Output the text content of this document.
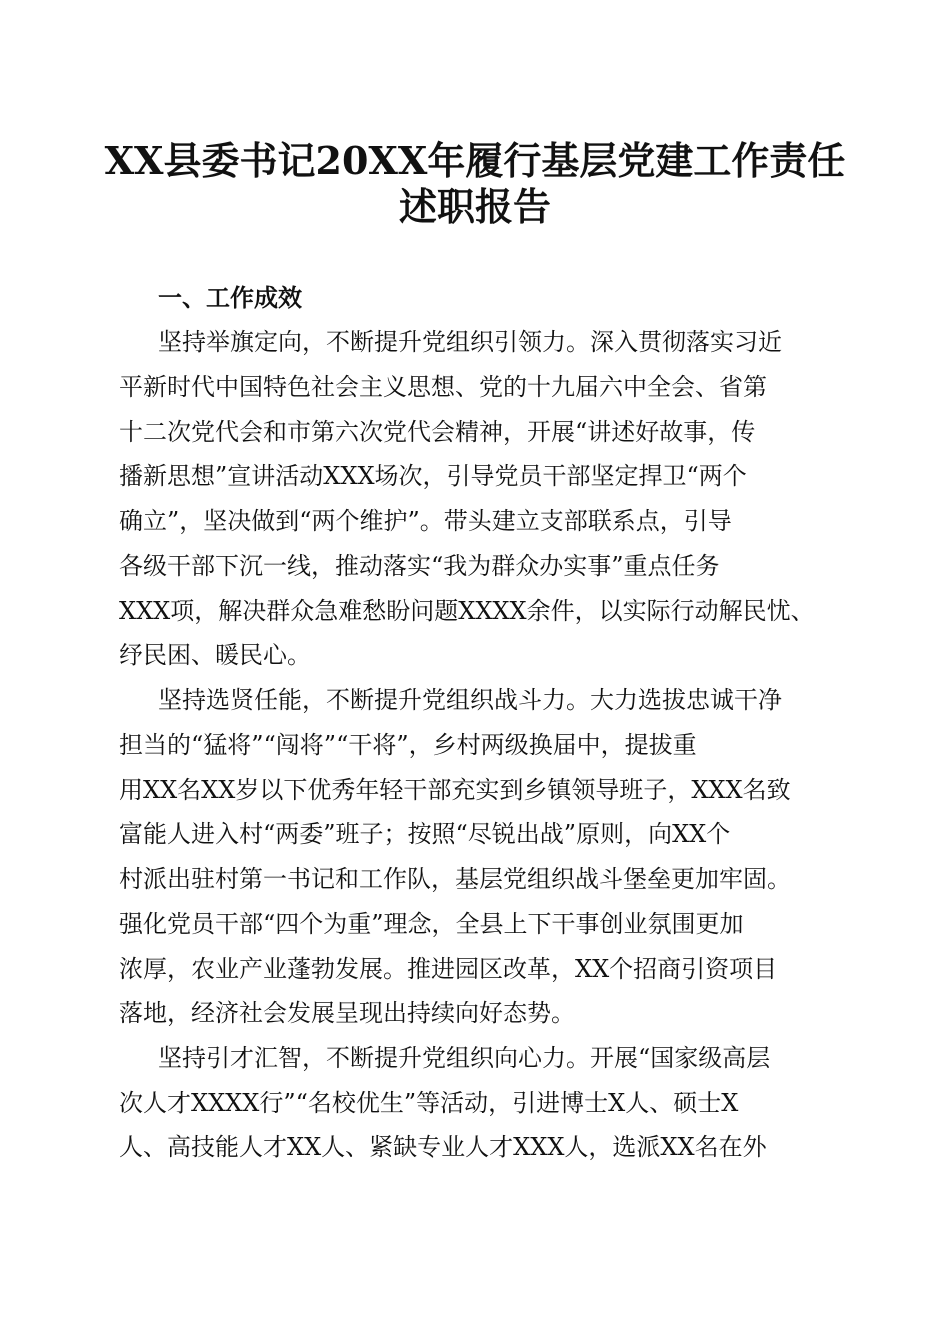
XX县委书记20XX年履行基层党建工作责任
述职报告
一、工作成效
坚持举旗定向，不断提升党组织引领力。深入贯彻落实习近
平新时代中国特色社会主义思想、党的十九届六中全会、省第
十二次党代会和市第六次党代会精神，开展“讲述好故事，传
播新思想”宣讲活动XXX场次，引导党员干部坚定捍卫“两个
确立”，坚决做到“两个维护”。带头建立支部联系点，引导
各级干部下沉一线，推动落实“我为群众办实事”重点任务
XXX项，解决群众急难愁盼问题XXXX余件，以实际行动解民忧、
纾民困、暖民心。
坚持选贤任能，不断提升党组织战斗力。大力选拔忠诚干净
担当的“猛将”“闯将”“干将”，乡村两级换届中，提拔重
用XX名XX岁以下优秀年轻干部充实到乡镇领导班子，XXX名致
富能人进入村“两委”班子；按照“尽锐出战”原则，向XX个
村派出驻村第一书记和工作队，基层党组织战斗堡垒更加牢固。
强化党员干部“四个为重”理念，全县上下干事创业氛围更加
浓厚，农业产业蓬勃发展。推进园区改革，XX个招商引资项目
落地，经济社会发展呈现出持续向好态势。
坚持引才汇智，不断提升党组织向心力。开展“国家级高层
次人才XXXX行”“名校优生”等活动，引进博士X人、硕士X
人、高技能人才XX人、紧缺专业人才XXX人，选派XX名在外
